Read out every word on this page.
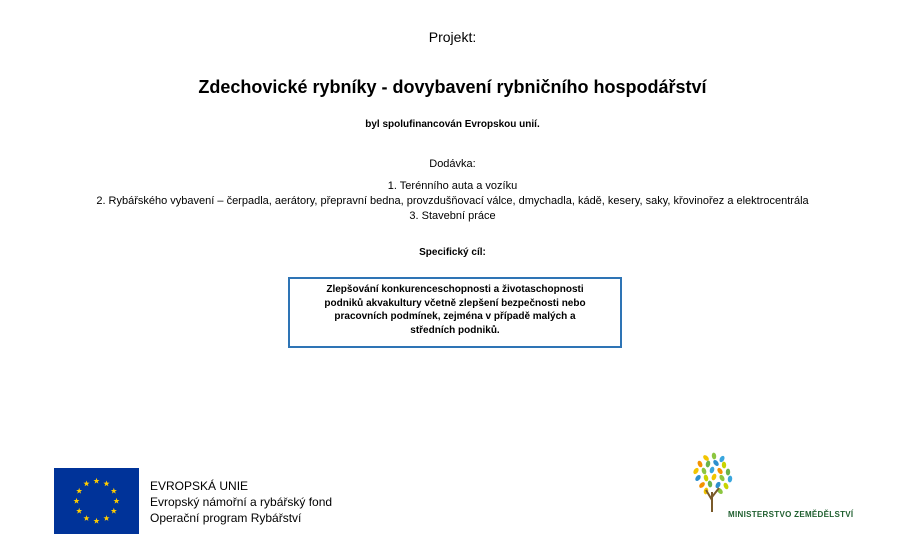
Projekt:
Zdechovické rybníky - dovybavení rybničního hospodářství
byl spolufinancován Evropskou unií.
Dodávka:
1. Terénního auta a vozíku
2. Rybářského vybavení – čerpadla, aerátory, přepravní bedna, provzdušňovací válce, dmychadla, kádě, kesery, saky, křovinořez a elektrocentrála
3. Stavební práce
Specifický cíl:
Zlepšování konkurenceschopnosti a životaschopnosti
podniků akvakultury včetně zlepšení bezpečnosti nebo
pracovních podmínek, zejména v případě malých a
středních podniků.
EVROPSKÁ UNIE
Evropský námořní a rybářský fond
Operační program Rybářství	MINISTERSTVO ZEMĚDĚLSTVÍ
